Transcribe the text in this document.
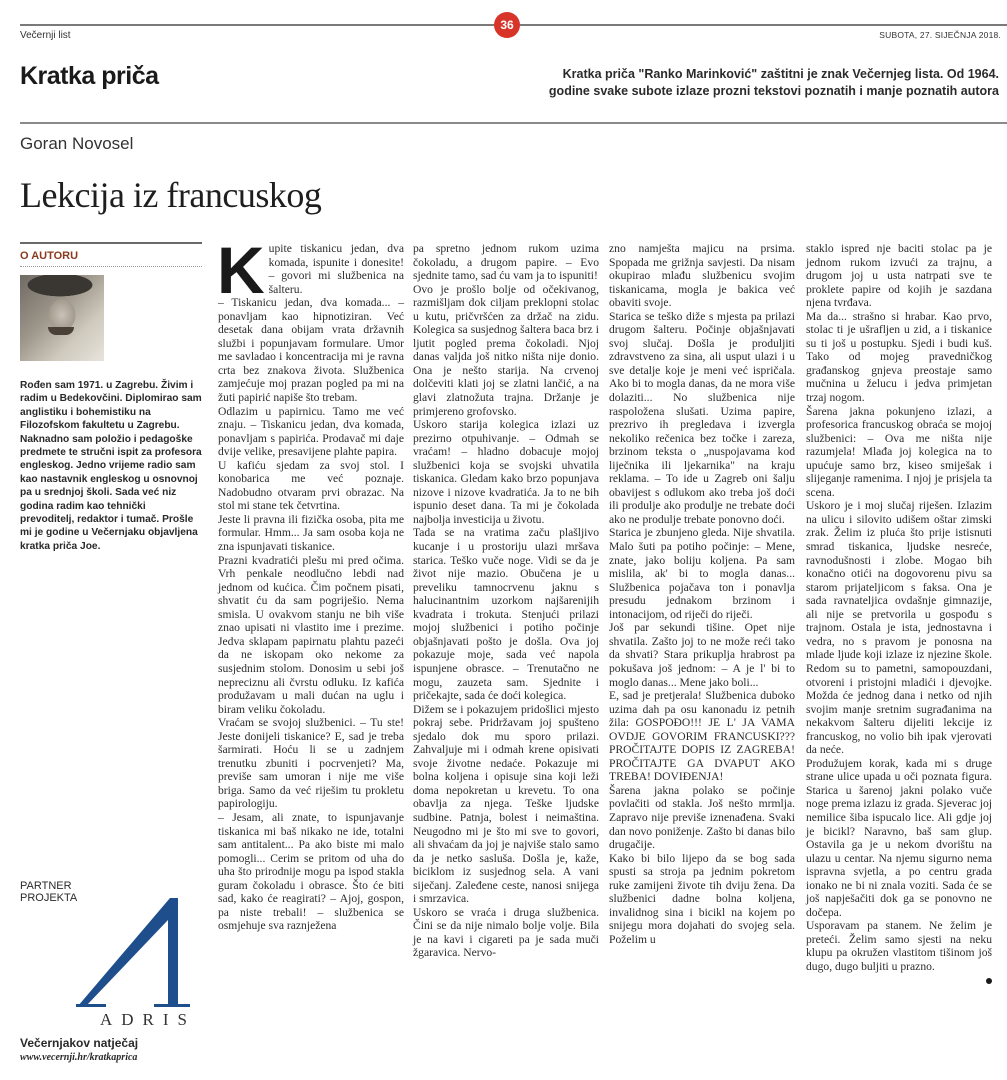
36
Večernji list	SUBOTA, 27. SIJEČNJA 2018.
Kratka priča	Kratka priča "Ranko Marinković" zaštitni je znak Večernjeg lista. Od 1964. godine svake subote izlaze prozni tekstovi poznatih i manje poznatih autora
Goran Novosel
Lekcija iz francuskog
O AUTORU
Rođen sam 1971. u Zagrebu. Živim i radim u Bedekovčini. Diplomirao sam anglistiku i bohemistiku na Filozofskom fakultetu u Zagrebu. Naknadno sam položio i pedagoške predmete te stručni ispit za profesora engleskog. Jedno vrijeme radio sam kao nastavnik engleskog u osnovnoj pa u srednjoj školi. Sada već niz godina radim kao tehnički prevoditelj, redaktor i tumač. Prošle mi je godine u Večernjaku objavljena kratka priča Joe.
PARTNER
PROJEKTA
ADRIS
Večernjakov natječaj
www.vecernji.hr/kratkaprica
K upite tiskanicu jedan, dva komada, ispunite i donesite! – govori mi službenica na šalteru.

– Tiskanicu jedan, dva komada... – ponavljam kao hipnotiziran. Već desetak dana obijam vrata državnih službi i popunjavam formulare. Umor me savladao i koncentracija mi je ravna crta bez znakova života. Službenica zamjećuje moj prazan pogled pa mi na žuti papirić napiše što trebam.

Odlazim u papirnicu. Tamo me već znaju. – Tiskanicu jedan, dva komada, ponavljam s papirića. Prodavač mi daje dvije velike, presavijene plahte papira.

U kafiću sjedam za svoj stol. I konobarica me već poznaje. Nadobudno otvaram prvi obrazac. Na stol mi stane tek četvrtina.

Jeste li pravna ili fizička osoba, pita me formular. Hmm... Ja sam osoba koja ne zna ispunjavati tiskanice.

Prazni kvadratići plešu mi pred očima. Vrh penkale neodlučno lebdi nad jednom od kućica. Čim počnem pisati, shvatit ću da sam pogriješio. Nema smisla. U ovakvom stanju ne bih više znao upisati ni vlastito ime i prezime. Jedva sklapam papirnatu plahtu pazeći da ne iskopam oko nekome za susjednim stolom. Donosim u sebi još nepreciznu ali čvrstu odluku. Iz kafića produžavam u mali dućan na uglu i biram veliku čokoladu.

Vraćam se svojoj službenici. – Tu ste! Jeste donijeli tiskanice? E, sad je treba šarmirati. Hoću li se u zadnjem trenutku zbuniti i pocrvenjeti? Ma, previše sam umoran i nije me više briga. Samo da već riješim tu prokletu papirologiju.

– Jesam, ali znate, to ispunjavanje tiskanica mi baš nikako ne ide, totalni sam antitalent... Pa ako biste mi malo pomogli... Cerim se pritom od uha do uha što prirodnije mogu pa ispod stakla guram čokoladu i obrasce. Što će biti sad, kako će reagirati? – Ajoj, gospon, pa niste trebali! – službenica se osmjehuje sva raznježena

pa spretno jednom rukom uzima čokoladu, a drugom papire. – Evo sjednite tamo, sad ću vam ja to ispuniti!

Ovo je prošlo bolje od očekivanog, razmišljam dok ciljam preklopni stolac u kutu, pričvršćen za držač na zidu. Kolegica sa susjednog šaltera baca brz i ljutit pogled prema čokoladi. Njoj danas valjda još nitko ništa nije donio. Ona je nešto starija. Na crvenoj dolčeviti klati joj se zlatni lančić, a na glavi zlatnožuta trajna. Držanje je primjereno grofovsko.

Uskoro starija kolegica izlazi uz prezirno otpuhivanje. – Odmah se vraćam! – hladno dobacuje mojoj službenici koja se svojski uhvatila tiskanica. Gledam kako brzo popunjava nizove i nizove kvadratića. Ja to ne bih ispunio deset dana. Ta mi je čokolada najbolja investicija u životu.

Tada se na vratima začu plašljivo kucanje i u prostoriju ulazi mršava starica. Teško vuče noge. Vidi se da je život nije mazio. Obučena je u preveliku tamnocrvenu jaknu s halucinantnim uzorkom najšarenijih kvadrata i trokuta. Stenjući prilazi mojoj službenici i potiho počinje objašnjavati pošto je došla. Ova joj pokazuje moje, sada već napola ispunjene obrasce. – Trenutačno ne mogu, zauzeta sam. Sjednite i pričekajte, sada će doći kolegica.

Dižem se i pokazujem pridošlici mjesto pokraj sebe. Pridržavam joj spušteno sjedalo dok mu sporo prilazi. Zahvaljuje mi i odmah krene opisivati svoje životne nedaće. Pokazuje mi bolna koljena i opisuje sina koji leži doma nepokretan u krevetu. To ona obavlja za njega. Teške ljudske sudbine. Patnja, bolest i neimaština. Neugodno mi je što mi sve to govori, ali shvaćam da joj je najviše stalo samo da je netko sasluša. Došla je, kaže, biciklom iz susjednog sela. A vani siječanj. Zaleđene ceste, nanosi snijega i smrzavica.

Uskoro se vraća i druga službenica. Čini se da nije nimalo bolje volje. Bila je na kavi i cigareti pa je sada muči žgaravica. Nervo-

zno namješta majicu na prsima. Spopada me grižnja savjesti. Da nisam okupirao mlađu službenicu svojim tiskanicama, mogla je bakica već obaviti svoje.

Starica se teško diže s mjesta pa prilazi drugom šalteru. Počinje objašnjavati svoj slučaj. Došla je produljiti zdravstveno za sina, ali usput ulazi i u sve detalje koje je meni već ispričala. Ako bi to mogla danas, da ne mora više dolaziti... No službenica nije raspoložena slušati. Uzima papire, prezrivo ih pregledava i izvergla nekoliko rečenica bez točke i zareza, brzinom teksta o „nuspojavama kod liječnika ili ljekarnika" na kraju reklama. – To ide u Zagreb oni šalju obavijest s odlukom ako treba još doći ili produlje ako produlje ne trebate doći ako ne produlje trebate ponovno doći.

Starica je zbunjeno gleda. Nije shvatila. Malo šuti pa potiho počinje: – Mene, znate, jako boliju koljena. Pa sam mislila, ak' bi to mogla danas... Službenica pojačava ton i ponavlja presudu jednakom brzinom i intonacijom, od riječi do riječi.

Još par sekundi tišine. Opet nije shvatila. Zašto joj to ne može reći tako da shvati? Stara prikuplja hrabrost pa pokušava još jednom: – A je l' bi to moglo danas... Mene jako boli...

E, sad je pretjerala! Službenica duboko uzima dah pa osu kanonadu iz petnih žila: GOSPOĐO!!! JE L' JA VAMA OVDJE GOVORIM FRANCUSKI??? PROČITAJTE DOPIS IZ ZAGREBA! PROČITAJTE GA DVAPUT AKO TREBA! DOVIĐENJA!

Šarena jakna polako se počinje povlačiti od stakla. Još nešto mrmlja. Zapravo nije previše iznenađena. Svaki dan novo poniženje. Zašto bi danas bilo drugačije.

Kako bi bilo lijepo da se bog sada spusti sa stroja pa jednim pokretom ruke zamijeni živote tih dviju žena. Da službenici dadne bolna koljena, invalidnog sina i bicikl na kojem po snijegu mora dojahati do svojeg sela. Poželim u

staklo ispred nje baciti stolac pa je jednom rukom izvući za trajnu, a drugom joj u usta natrpati sve te proklete papire od kojih je sazdana njena tvrđava.

Ma da... strašno si hrabar. Kao prvo, stolac ti je ušrafljen u zid, a i tiskanice su ti još u postupku. Sjedi i budi kuš. Tako od mojeg pravedničkog građanskog gnjeva preostaje samo mučnina u želucu i jedva primjetan trzaj nogom.

Šarena jakna pokunjeno izlazi, a profesorica francuskog obraća se mojoj službenici: – Ova me ništa nije razumjela! Mlađa joj kolegica na to upućuje samo brz, kiseo smiješak i slijeganje ramenima. I njoj je prisjela ta scena.

Uskoro je i moj slučaj riješen. Izlazim na ulicu i silovito udišem oštar zimski zrak. Želim iz pluća što prije istisnuti smrad tiskanica, ljudske nesreće, ravnodušnosti i zlobe. Mogao bih konačno otići na dogovorenu pivu sa starom prijateljicom s faksa. Ona je sada ravnateljica ovdašnje gimnazije, ali nije se pretvorila u gospođu s trajnom. Ostala je ista, jednostavna i vedra, no s pravom je ponosna na mlade ljude koji izlaze iz njezine škole. Redom su to pametni, samopouzdani, otvoreni i pristojni mladići i djevojke. Možda će jednog dana i netko od njih svojim manje sretnim sugrađanima na nekakvom šalteru dijeliti lekcije iz francuskog, no volio bih ipak vjerovati da neće.

Produžujem korak, kada mi s druge strane ulice upada u oči poznata figura. Starica u šarenoj jakni polako vuče noge prema izlazu iz grada. Sjeverac joj nemilice šiba ispucalo lice. Ali gdje joj je bicikl? Naravno, baš sam glup. Ostavila ga je u nekom dvorištu na ulazu u centar. Na njemu sigurno nema ispravna svjetla, a po centru grada ionako ne bi ni znala voziti. Sada će se još napješačiti dok ga se ponovno ne dočepa.

Usporavam pa stanem. Ne želim je preteći. Želim samo sjesti na neku klupu pa okružen vlastitom tišinom još dugo, dugo buljiti u prazno.
